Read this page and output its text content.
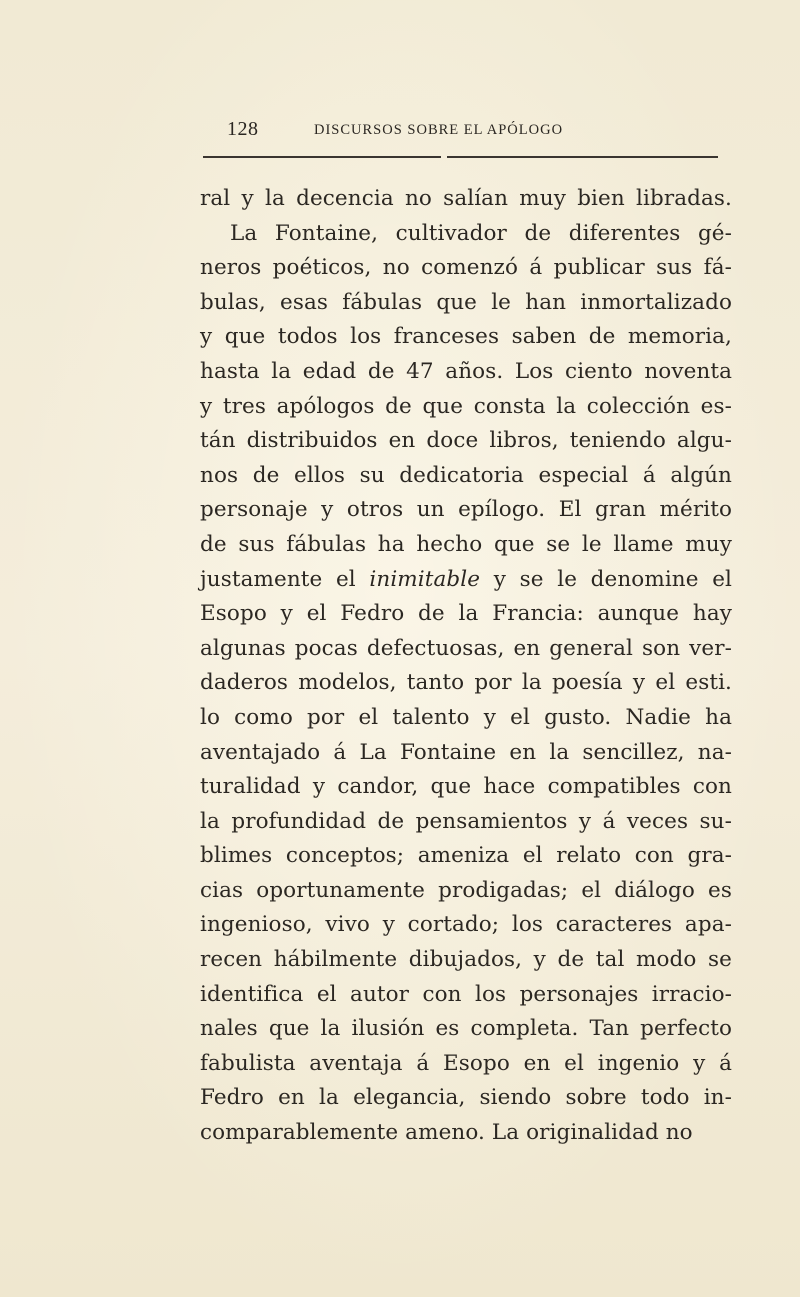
128	DISCURSOS SOBRE EL APÓLOGO
ral y la decencia no salían muy bien libradas.
La Fontaine, cultivador de diferentes gé-
neros poéticos, no comenzó á publicar sus fá-
bulas, esas fábulas que le han inmortalizado
y que todos los franceses saben de memoria,
hasta la edad de 47 años. Los ciento noventa
y tres apólogos de que consta la colección es-
tán distribuidos en doce libros, teniendo algu-
nos de ellos su dedicatoria especial á algún
personaje y otros un epílogo. El gran mérito
de sus fábulas ha hecho que se le llame muy
justamente el inimitable y se le denomine el
Esopo y el Fedro de la Francia: aunque hay
algunas pocas defectuosas, en general son ver-
daderos modelos, tanto por la poesía y el esti.
lo como por el talento y el gusto. Nadie ha
aventajado á La Fontaine en la sencillez, na-
turalidad y candor, que hace compatibles con
la profundidad de pensamientos y á veces su-
blimes conceptos; ameniza el relato con gra-
cias oportunamente prodigadas; el diálogo es
ingenioso, vivo y cortado; los caracteres apa-
recen hábilmente dibujados, y de tal modo se
identifica el autor con los personajes irracio-
nales que la ilusión es completa. Tan perfecto
fabulista aventaja á Esopo en el ingenio y á
Fedro en la elegancia, siendo sobre todo in-
comparablemente ameno. La originalidad no
